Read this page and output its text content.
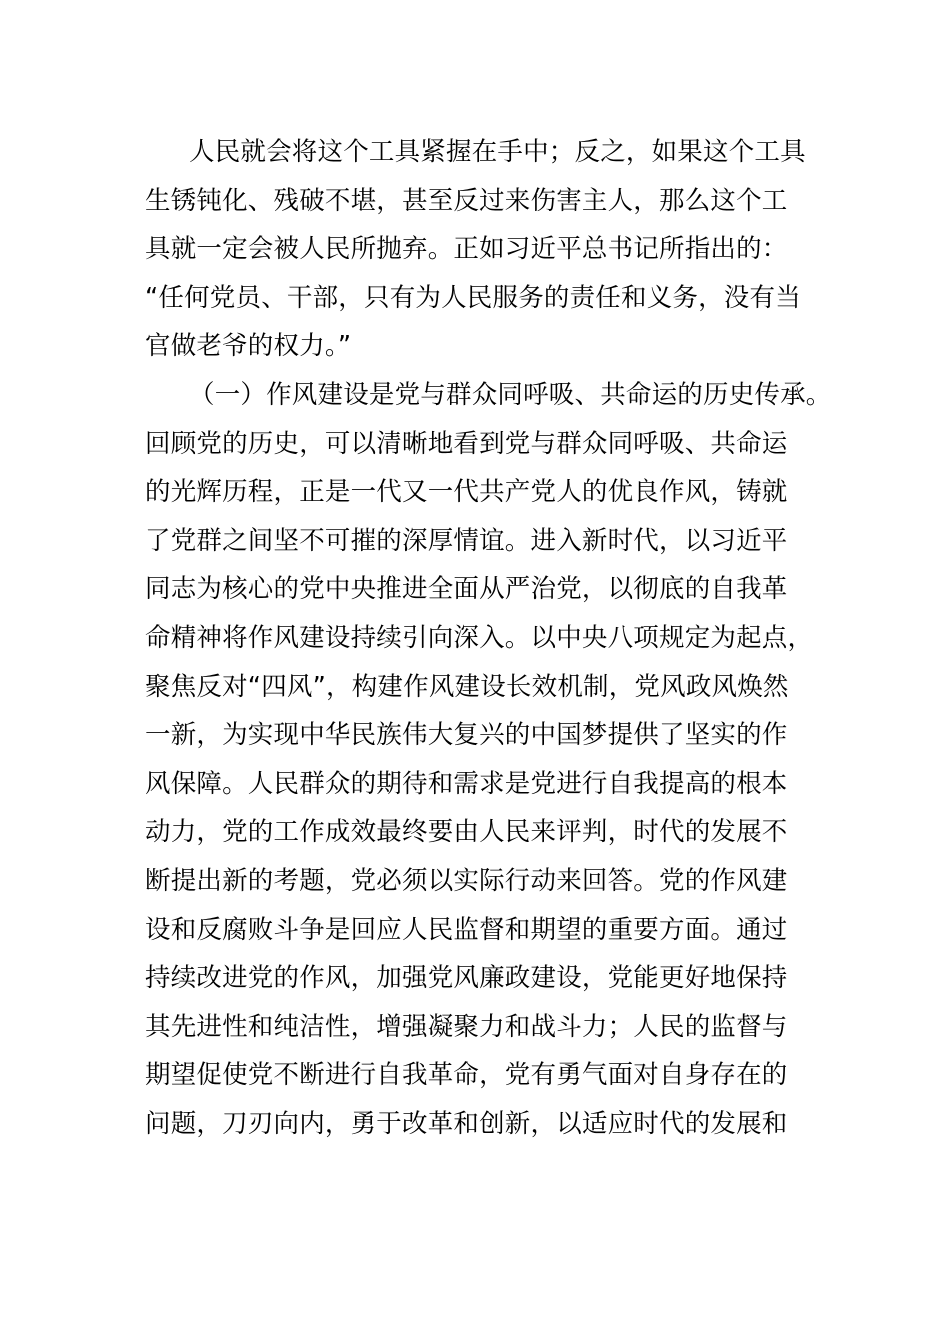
人民就会将这个工具紧握在手中；反之，如果这个工具
生锈钝化、残破不堪，甚至反过来伤害主人，那么这个工
具就一定会被人民所抛弃。正如习近平总书记所指出的：
“任何党员、干部，只有为人民服务的责任和义务，没有当
官做老爷的权力。”
（一）作风建设是党与群众同呼吸、共命运的历史传承。
回顾党的历史，可以清晰地看到党与群众同呼吸、共命运
的光辉历程，正是一代又一代共产党人的优良作风，铸就
了党群之间坚不可摧的深厚情谊。进入新时代，以习近平
同志为核心的党中央推进全面从严治党，以彻底的自我革
命精神将作风建设持续引向深入。以中央八项规定为起点，
聚焦反对“四风”，构建作风建设长效机制，党风政风焕然
一新，为实现中华民族伟大复兴的中国梦提供了坚实的作
风保障。人民群众的期待和需求是党进行自我提高的根本
动力，党的工作成效最终要由人民来评判，时代的发展不
断提出新的考题，党必须以实际行动来回答。党的作风建
设和反腐败斗争是回应人民监督和期望的重要方面。通过
持续改进党的作风，加强党风廉政建设，党能更好地保持
其先进性和纯洁性，增强凝聚力和战斗力；人民的监督与
期望促使党不断进行自我革命，党有勇气面对自身存在的
问题，刀刃向内，勇于改革和创新，以适应时代的发展和
